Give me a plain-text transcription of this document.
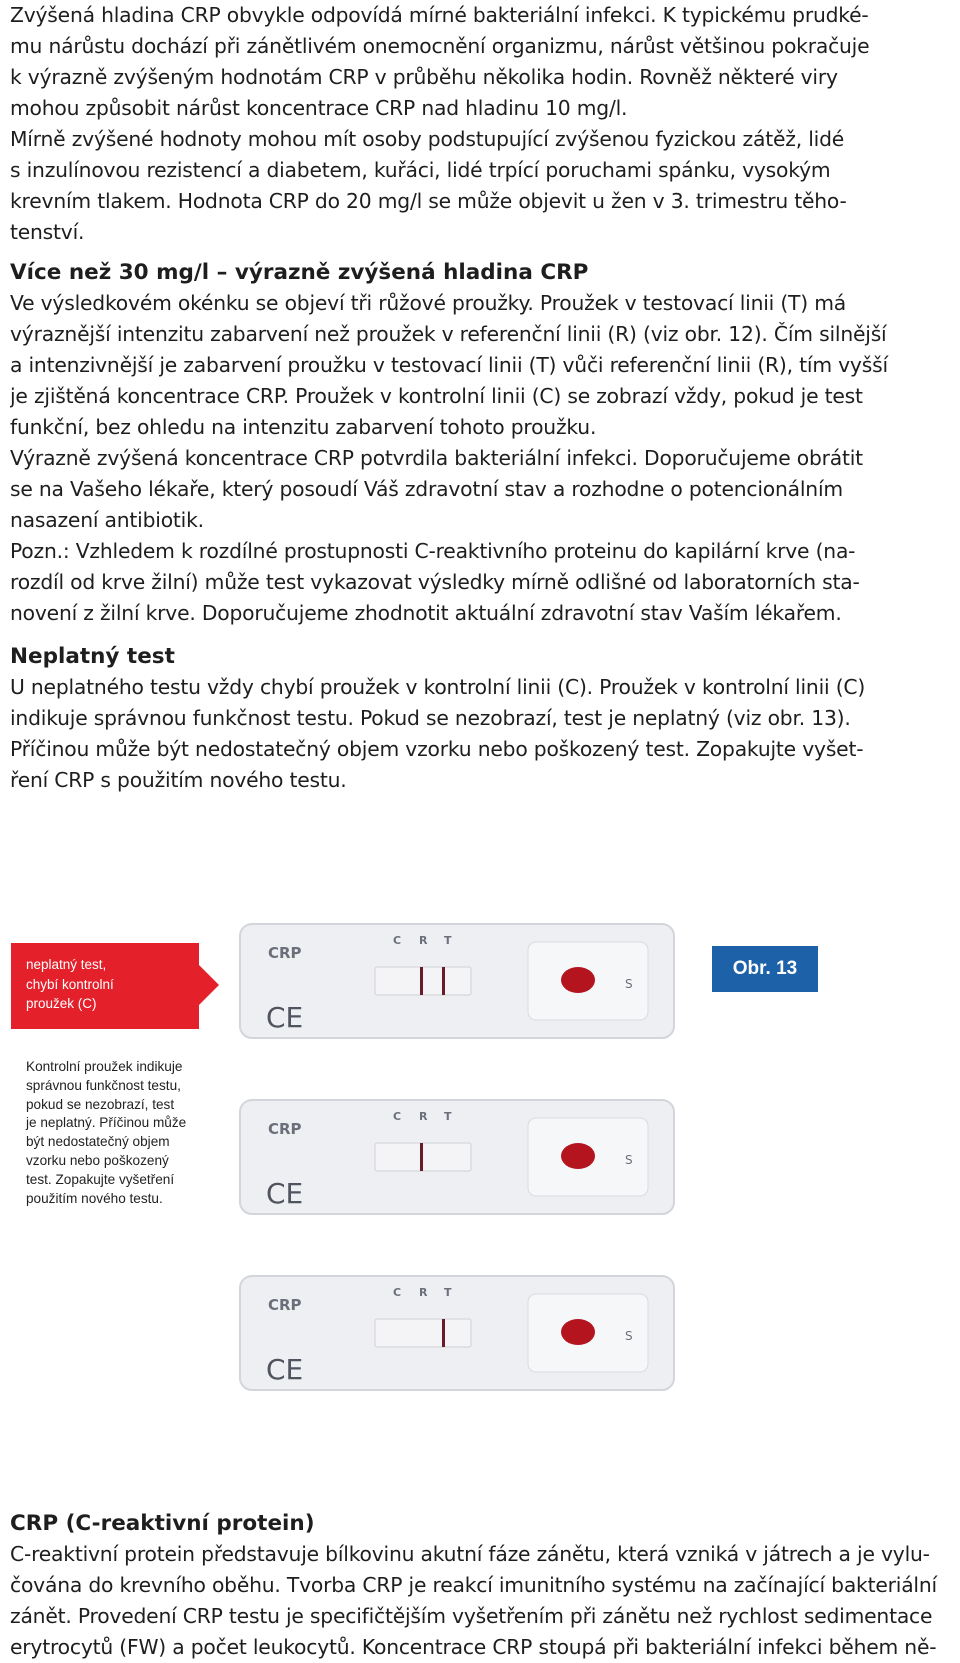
Zvýšená hladina CRP obvykle odpovídá mírné bakteriální infekci. K typickému prudké-
mu nárůstu dochází při zánětlivém onemocnění organizmu, nárůst většinou pokračuje
k výrazně zvýšeným hodnotám CRP v průběhu několika hodin. Rovněž některé viry
mohou způsobit nárůst koncentrace CRP nad hladinu 10 mg/l.
Mírně zvýšené hodnoty mohou mít osoby podstupující zvýšenou fyzickou zátěž, lidé
s inzulínovou rezistencí a diabetem, kuřáci, lidé trpící poruchami spánku, vysokým
krevním tlakem. Hodnota CRP do 20 mg/l se může objevit u žen v 3. trimestru těho-
tenství.
Více než 30 mg/l – výrazně zvýšená hladina CRP
Ve výsledkovém okénku se objeví tři růžové proužky. Proužek v testovací linii (T) má
výraznější intenzitu zabarvení než proužek v referenční linii (R) (viz obr. 12). Čím silnější
a intenzivnější je zabarvení proužku v testovací linii (T) vůči referenční linii (R), tím vyšší
je zjištěná koncentrace CRP. Proužek v kontrolní linii (C) se zobrazí vždy, pokud je test
funkční, bez ohledu na intenzitu zabarvení tohoto proužku.
Výrazně zvýšená koncentrace CRP potvrdila bakteriální infekci. Doporučujeme obrátit
se na Vašeho lékaře, který posoudí Váš zdravotní stav a rozhodne o potencionálním
nasazení antibiotik.
Pozn.: Vzhledem k rozdílné prostupnosti C-reaktivního proteinu do kapilární krve (na-
rozdíl od krve žilní) může test vykazovat výsledky mírně odlišné od laboratorních sta-
novení z žilní krve. Doporučujeme zhodnotit aktuální zdravotní stav Vaším lékařem.
Neplatný test
U neplatného testu vždy chybí proužek v kontrolní linii (C). Proužek v kontrolní linii (C)
indikuje správnou funkčnost testu. Pokud se nezobrazí, test je neplatný (viz obr. 13).
Příčinou může být nedostatečný objem vzorku nebo poškozený test. Zopakujte vyšet-
ření CRP s použitím nového testu.
neplatný test,
chybí kontrolní
proužek (C)
Obr. 13
Kontrolní proužek indikuje
správnou funkčnost testu,
pokud se nezobrazí, test
je neplatný. Příčinou může
být nedostatečný objem
vzorku nebo poškozený
test. Zopakujte vyšetření
použitím nového testu.
CRP
CE
C R T
S
CRP
CE
C R T
S
CRP
CE
C R T
S
CRP (C-reaktivní protein)
C-reaktivní protein představuje bílkovinu akutní fáze zánětu, která vzniká v játrech a je vylu-
čována do krevního oběhu. Tvorba CRP je reakcí imunitního systému na začínající bakteriální
zánět. Provedení CRP testu je specifičtějším vyšetřením při zánětu než rychlost sedimentace
erytrocytů (FW) a počet leukocytů. Koncentrace CRP stoupá při bakteriální infekci během ně-
